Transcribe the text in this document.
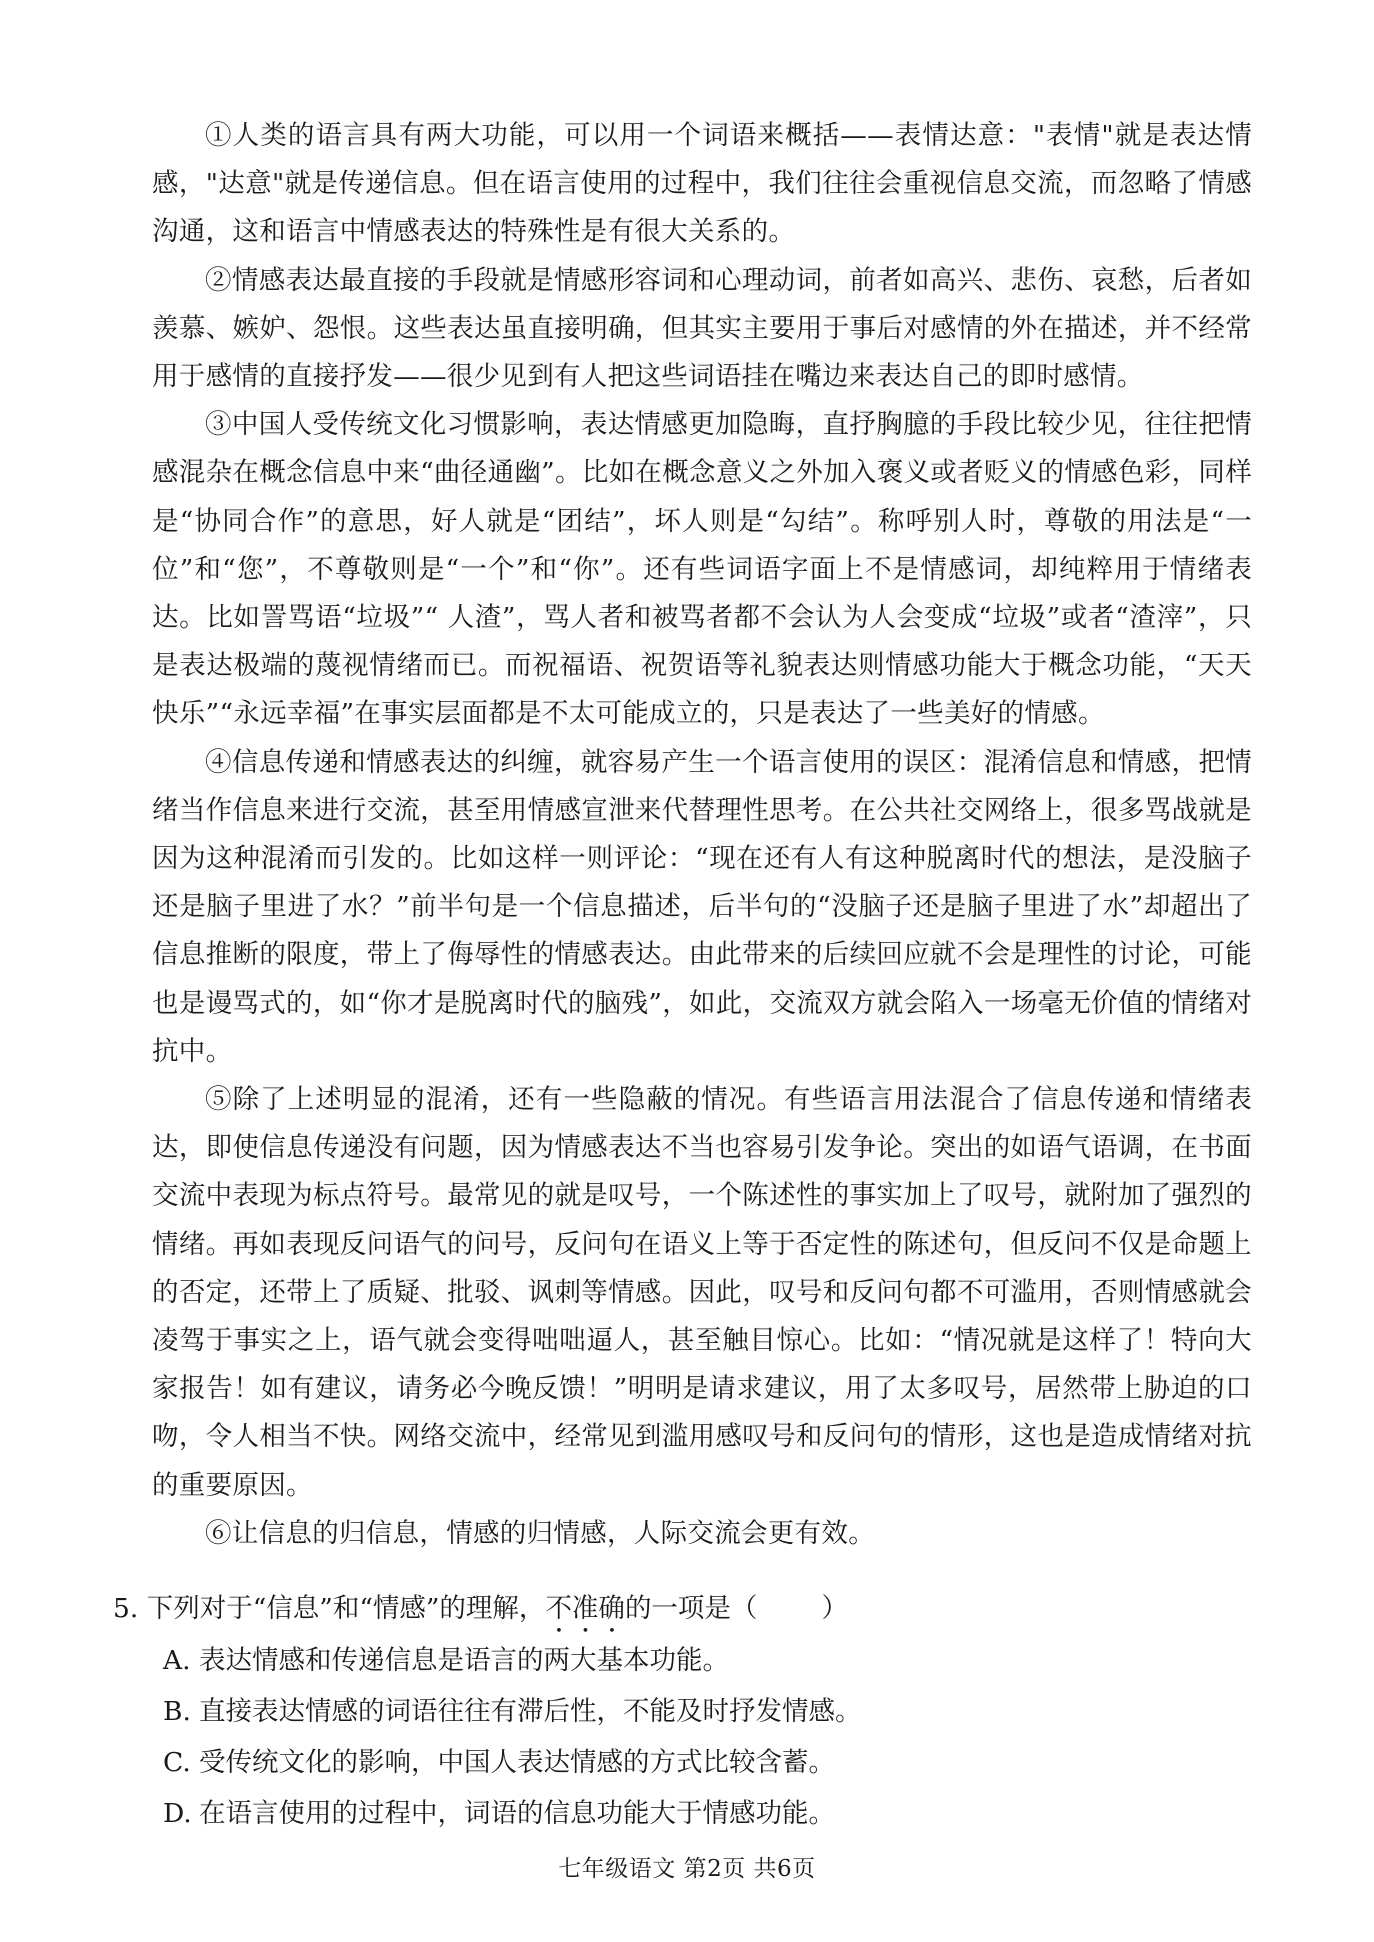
①人类的语言具有两大功能，可以用一个词语来概括——表情达意："表情"就是表达情感，"达意"就是传递信息。但在语言使用的过程中，我们往往会重视信息交流，而忽略了情感沟通，这和语言中情感表达的特殊性是有很大关系的。

②情感表达最直接的手段就是情感形容词和心理动词，前者如高兴、悲伤、哀愁，后者如羡慕、嫉妒、怨恨。这些表达虽直接明确，但其实主要用于事后对感情的外在描述，并不经常用于感情的直接抒发——很少见到有人把这些词语挂在嘴边来表达自己的即时感情。

③中国人受传统文化习惯影响，表达情感更加隐晦，直抒胸臆的手段比较少见，往往把情感混杂在概念信息中来“曲径通幽”。比如在概念意义之外加入褒义或者贬义的情感色彩，同样是“协同合作”的意思，好人就是“团结”，坏人则是“勾结”。称呼别人时，尊敬的用法是“一位”和“您”，不尊敬则是“一个”和“你”。还有些词语字面上不是情感词，却纯粹用于情绪表达。比如詈骂语“垃圾”“ 人渣”，骂人者和被骂者都不会认为人会变成“垃圾”或者“渣滓”，只是表达极端的蔑视情绪而已。而祝福语、祝贺语等礼貌表达则情感功能大于概念功能，“天天快乐”“永远幸福”在事实层面都是不太可能成立的，只是表达了一些美好的情感。

④信息传递和情感表达的纠缠，就容易产生一个语言使用的误区：混淆信息和情感，把情绪当作信息来进行交流，甚至用情感宣泄来代替理性思考。在公共社交网络上，很多骂战就是因为这种混淆而引发的。比如这样一则评论：“现在还有人有这种脱离时代的想法，是没脑子还是脑子里进了水？”前半句是一个信息描述，后半句的“没脑子还是脑子里进了水”却超出了信息推断的限度，带上了侮辱性的情感表达。由此带来的后续回应就不会是理性的讨论，可能也是谩骂式的，如“你才是脱离时代的脑残”，如此，交流双方就会陷入一场毫无价值的情绪对抗中。

⑤除了上述明显的混淆，还有一些隐蔽的情况。有些语言用法混合了信息传递和情绪表达，即使信息传递没有问题，因为情感表达不当也容易引发争论。突出的如语气语调，在书面交流中表现为标点符号。最常见的就是叹号，一个陈述性的事实加上了叹号，就附加了强烈的情绪。再如表现反问语气的问号，反问句在语义上等于否定性的陈述句，但反问不仅是命题上的否定，还带上了质疑、批驳、讽刺等情感。因此，叹号和反问句都不可滥用，否则情感就会凌驾于事实之上，语气就会变得咄咄逼人，甚至触目惊心。比如：“情况就是这样了！特向大家报告！如有建议，请务必今晚反馈！”明明是请求建议，用了太多叹号，居然带上胁迫的口吻，令人相当不快。网络交流中，经常见到滥用感叹号和反问句的情形，这也是造成情绪对抗的重要原因。

⑥让信息的归信息，情感的归情感，人际交流会更有效。

5. 下列对于“信息”和“情感”的理解，不准确的一项是（ ）
A. 表达情感和传递信息是语言的两大基本功能。
B. 直接表达情感的词语往往有滞后性，不能及时抒发情感。
C. 受传统文化的影响，中国人表达情感的方式比较含蓄。
D. 在语言使用的过程中，词语的信息功能大于情感功能。
七年级语文 第2页 共6页
